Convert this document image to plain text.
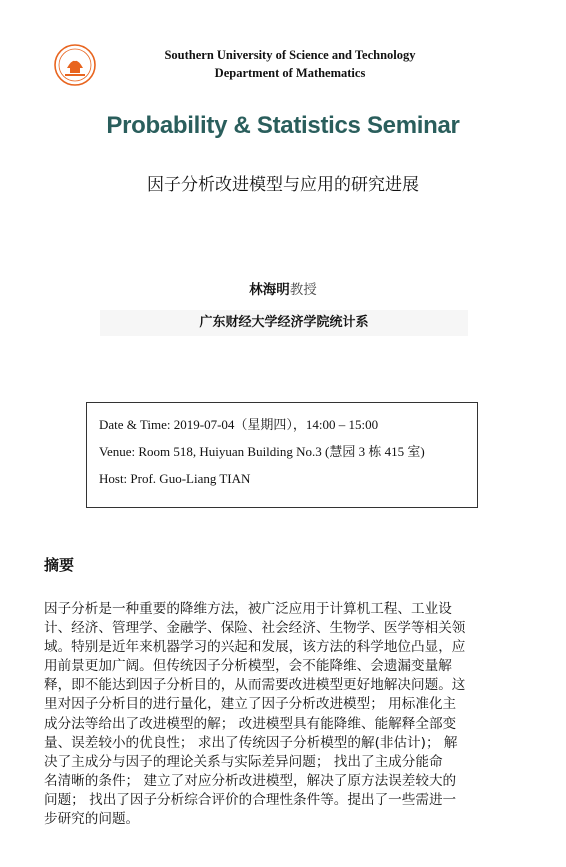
Southern University of Science and Technology
Department of Mathematics
Probability & Statistics Seminar
因子分析改进模型与应用的研究进展
林海明教授
广东财经大学经济学院统计系
Date & Time: 2019-07-04（星期四），14:00 – 15:00
Venue: Room 518, Huiyuan Building No.3 (慧园 3 栋 415 室)
Host: Prof. Guo-Liang TIAN
摘要
因子分析是一种重要的降维方法，被广泛应用于计算机工程、工业设
计、经济、管理学、金融学、保险、社会经济、生物学、医学等相关领
域。特别是近年来机器学习的兴起和发展，该方法的科学地位凸显，应
用前景更加广阔。但传统因子分析模型，会不能降维、会遗漏变量解
释，即不能达到因子分析目的，从而需要改进模型更好地解决问题。这
里对因子分析目的进行量化，建立了因子分析改进模型； 用标准化主
成分法等给出了改进模型的解； 改进模型具有能降维、能解释全部变
量、误差较小的优良性； 求出了传统因子分析模型的解(非估计)； 解
决了主成分与因子的理论关系与实际差异问题； 找出了主成分能命
名清晰的条件； 建立了对应分析改进模型，解决了原方法误差较大的
问题； 找出了因子分析综合评价的合理性条件等。提出了一些需进一
步研究的问题。
